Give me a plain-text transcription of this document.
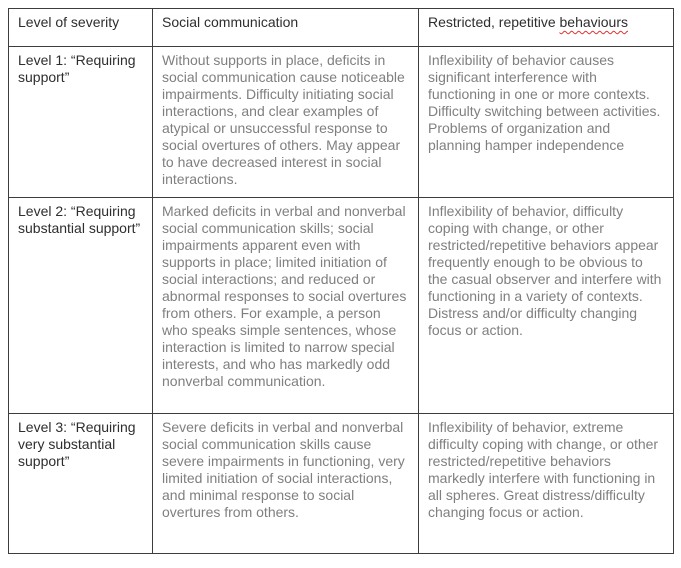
Level of severity	Social communication	Restricted, repetitive behaviours
Level 1: “Requiring support”	Without supports in place, deficits in social communication cause noticeable impairments. Difficulty initiating social interactions, and clear examples of atypical or unsuccessful response to social overtures of others. May appear to have decreased interest in social interactions.	Inflexibility of behavior causes significant interference with functioning in one or more contexts. Difficulty switching between activities. Problems of organization and planning hamper independence
Level 2: “Requiring substantial support”	Marked deficits in verbal and nonverbal social communication skills; social impairments apparent even with supports in place; limited initiation of social interactions; and reduced or abnormal responses to social overtures from others. For example, a person who speaks simple sentences, whose interaction is limited to narrow special interests, and who has markedly odd nonverbal communication.	Inflexibility of behavior, difficulty coping with change, or other restricted/repetitive behaviors appear frequently enough to be obvious to the casual observer and interfere with functioning in a variety of contexts. Distress and/or difficulty changing focus or action.
Level 3: “Requiring very substantial support”	Severe deficits in verbal and nonverbal social communication skills cause severe impairments in functioning, very limited initiation of social interactions, and minimal response to social overtures from others.	Inflexibility of behavior, extreme difficulty coping with change, or other restricted/repetitive behaviors markedly interfere with functioning in all spheres. Great distress/difficulty changing focus or action.
